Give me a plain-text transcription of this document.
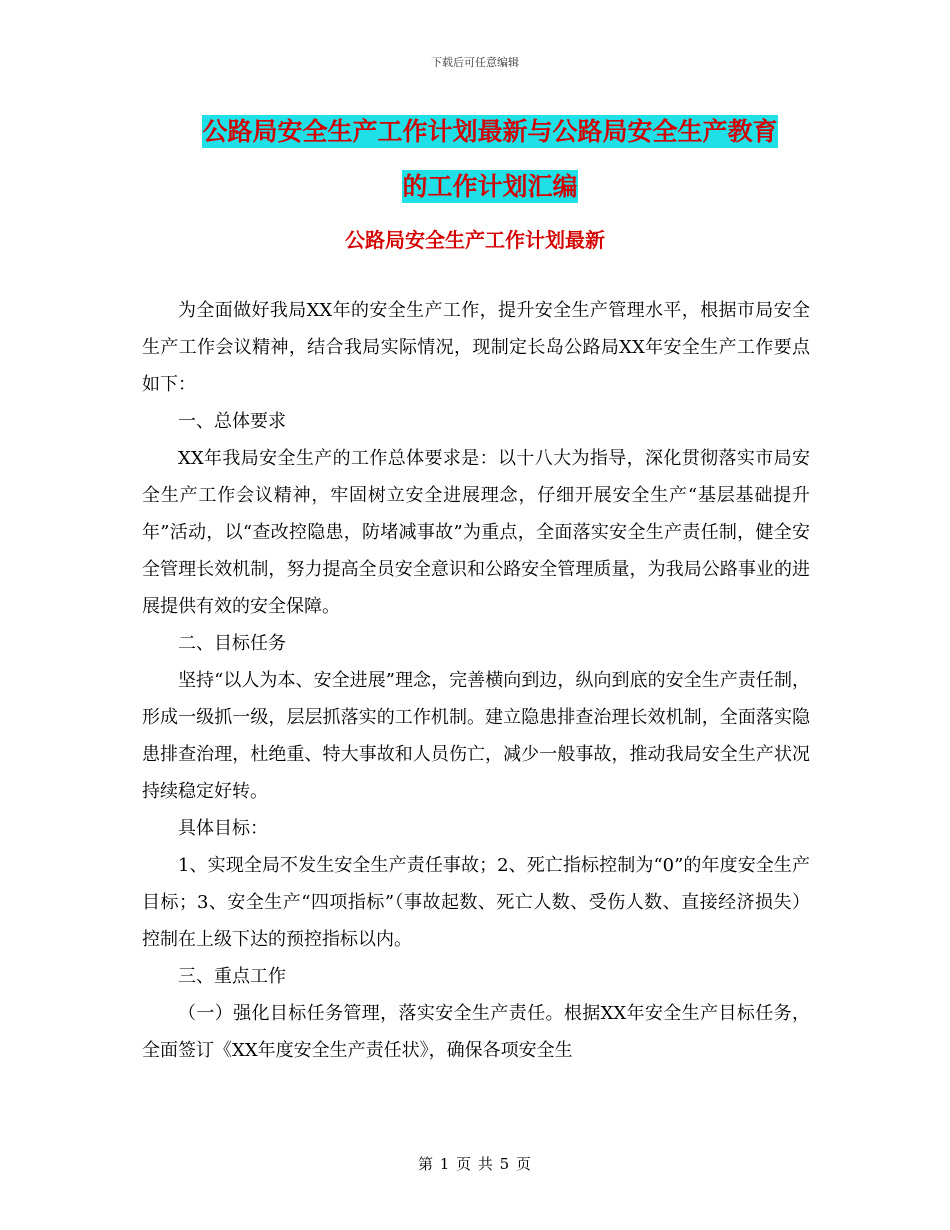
下载后可任意编辑
公路局安全生产工作计划最新与公路局安全生产教育
的工作计划汇编
公路局安全生产工作计划最新

为全面做好我局XX年的安全生产工作，提升安全生产管理水平，根据市局安全生产工作会议精神，结合我局实际情况，现制定长岛公路局XX年安全生产工作要点如下：

一、总体要求

XX年我局安全生产的工作总体要求是：以十八大为指导，深化贯彻落实市局安全生产工作会议精神，牢固树立安全进展理念，仔细开展安全生产“基层基础提升年”活动，以“查改控隐患，防堵减事故”为重点，全面落实安全生产责任制，健全安全管理长效机制，努力提高全员安全意识和公路安全管理质量，为我局公路事业的进展提供有效的安全保障。

二、目标任务

坚持“以人为本、安全进展”理念，完善横向到边，纵向到底的安全生产责任制，形成一级抓一级，层层抓落实的工作机制。建立隐患排查治理长效机制，全面落实隐患排查治理，杜绝重、特大事故和人员伤亡，减少一般事故，推动我局安全生产状况持续稳定好转。

具体目标：

1、实现全局不发生安全生产责任事故；2、死亡指标控制为“0”的年度安全生产目标；3、安全生产“四项指标”（事故起数、死亡人数、受伤人数、直接经济损失）控制在上级下达的预控指标以内。

三、重点工作

（一）强化目标任务管理，落实安全生产责任。根据XX年安全生产目标任务，全面签订《XX年度安全生产责任状》，确保各项安全生

第 1 页 共 5 页
